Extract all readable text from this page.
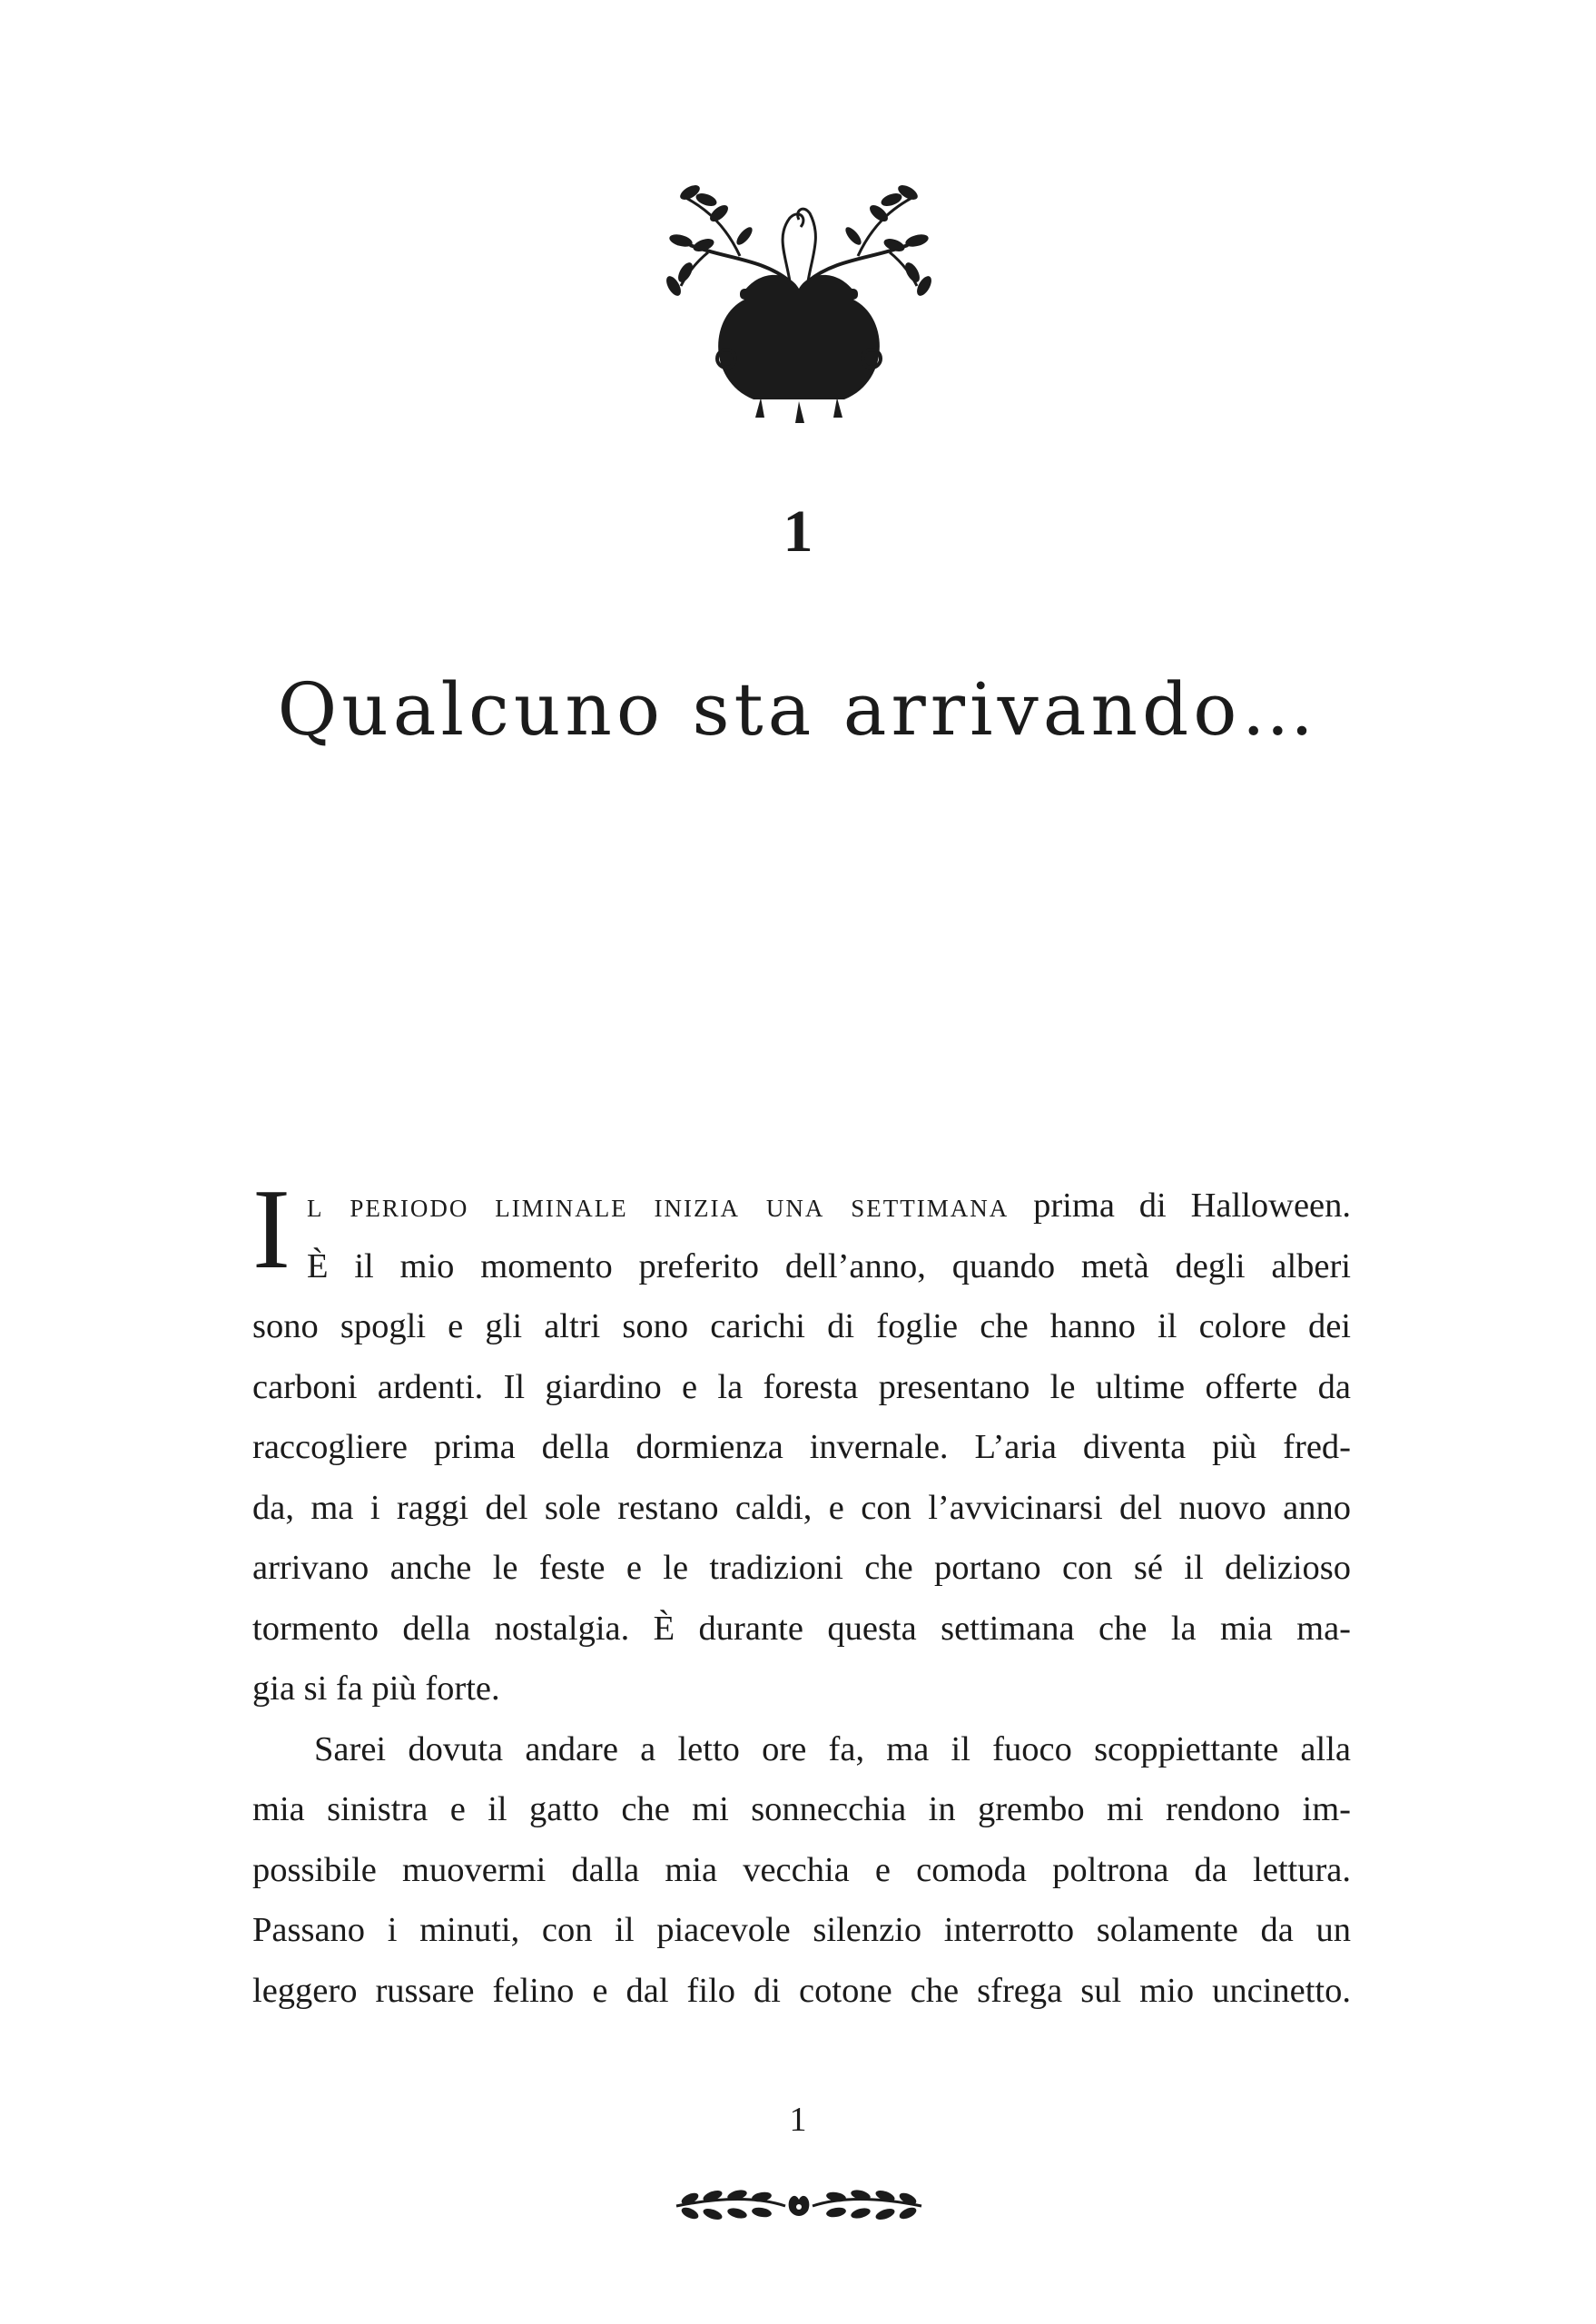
1
Qualcuno sta arrivando…
I l periodo liminale inizia una settimana prima di Halloween.
È il mio momento preferito dell’anno, quando metà degli alberi
sono spogli e gli altri sono carichi di foglie che hanno il colore dei
carboni ardenti. Il giardino e la foresta presentano le ultime offerte da
raccogliere prima della dormienza invernale. L’aria diventa più fred-
da, ma i raggi del sole restano caldi, e con l’avvicinarsi del nuovo anno
arrivano anche le feste e le tradizioni che portano con sé il delizioso
tormento della nostalgia. È durante questa settimana che la mia ma-
gia si fa più forte.
Sarei dovuta andare a letto ore fa, ma il fuoco scoppiettante alla
mia sinistra e il gatto che mi sonnecchia in grembo mi rendono im-
possibile muovermi dalla mia vecchia e comoda poltrona da lettura.
Passano i minuti, con il piacevole silenzio interrotto solamente da un
leggero russare felino e dal filo di cotone che sfrega sul mio uncinetto.
1
